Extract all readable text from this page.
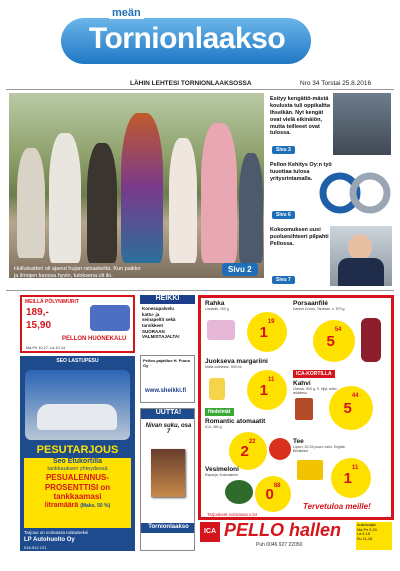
meän
Tornionlaakso
LÄHIN LEHTESI TORNIONLAAKSOSSA	Nro 34 Torstai 25.8.2016
Hulluteatteri oli ajanut hujan ratsasketta. Kun paikko
ja ilmojen kanssa hyvin, tuloksena oli ilo.
Sivu 2
Esityy kengättö-mästä koulusta tuli oppikaltta Ihselkän. Nyt kengät ovat vielä eikinäiön, mutta teilleeet ovat tulossa.
Sivu 3
Pellon Kehitys Oy:n työ tuuottaa tulosa yritysrintamalla.
Sivu 6
Kokoomuksen uusi puoluesihteeri pilpahti Pellossa.
Sivu 7
MEILLÄ PÖLYNIMURIT
189,-
15,90
PELLON HUONEKALU
Ma-Pe 10-17, La 10-14
HEIKKI
Konesupalvelu
kattu- ja
seinapeltit sekä
tarvikkeet
SUORAAN
VALMISTAJALTA!
Pellon-pajatilue H. Puuru Oy
www.sheikki.fi
SEO LASTUPESU
PESUTARJOUS
Seo Etukortilla
tankkauksen yhteydessä
PESUALENNUS-
PROSENTTISI on
tankkaamasi
litramäärä (Maks. 50 %)
Tarjous on voimassa toistaiseksi
LP Autohuolto Oy
016-512 121
UUTTA!
Nivan suku, osa 7
Tornionlaakso
Rahka
Lindahls, 150 g
1
19
Porsaanfilé
Danish Crown, Tanskan, n. 570 g
5
54
Juokseva margariini
Milda culinesse, 500 ml
1
11
ICA-KORTILLA
Kahvi
Classic, 500 g, 5. öljyt, reiko, arkkitesu
5
44
Hedelmät
Romantic atomaatit
ICA, 460 g
2
22	Tee
Lipton, 20-25 pussi, esim. English Breakfast
1
11
Vesimeloni
Espanja, Kokonainen
0 88
Tarjoukset voimassa v.34
Tervetuloa meille!
ICA PELLO hallen
Puh 0046 927 22050
Aukioloajat
Ma-Pe 9-20
La 9-18
Su 11-18
